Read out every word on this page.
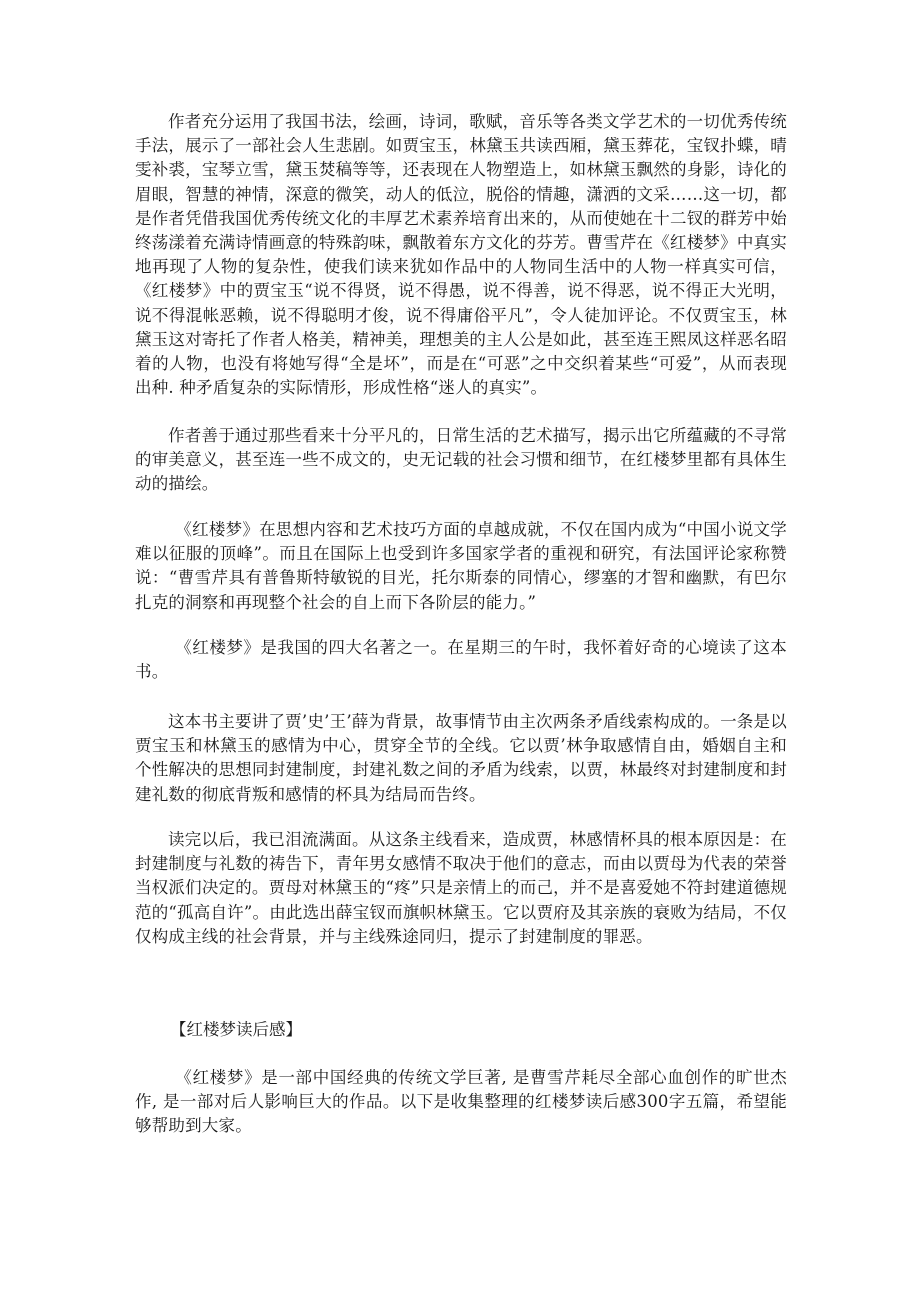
作者充分运用了我国书法，绘画，诗词，歌赋，音乐等各类文学艺术的一切优秀传统手法，展示了一部社会人生悲剧。如贾宝玉，林黛玉共读西厢，黛玉葬花，宝钗扑蝶，晴雯补裘，宝琴立雪，黛玉焚稿等等，还表现在人物塑造上，如林黛玉飘然的身影，诗化的眉眼，智慧的神情，深意的微笑，动人的低泣，脱俗的情趣，潇洒的文采……这一切，都是作者凭借我国优秀传统文化的丰厚艺术素养培育出来的，从而使她在十二钗的群芳中始终荡漾着充满诗情画意的特殊韵味，飘散着东方文化的芬芳。曹雪芹在《红楼梦》中真实地再现了人物的复杂性，使我们读来犹如作品中的人物同生活中的人物一样真实可信，《红楼梦》中的贾宝玉“说不得贤，说不得愚，说不得善，说不得恶，说不得正大光明，说不得混帐恶赖，说不得聪明才俊，说不得庸俗平凡”，令人徒加评论。不仅贾宝玉，林黛玉这对寄托了作者人格美，精神美，理想美的主人公是如此，甚至连王熙凤这样恶名昭着的人物，也没有将她写得“全是坏”，而是在“可恶”之中交织着某些“可爱”，从而表现出种. 种矛盾复杂的实际情形，形成性格“迷人的真实”。

作者善于通过那些看来十分平凡的，日常生活的艺术描写，揭示出它所蕴藏的不寻常的审美意义，甚至连一些不成文的，史无记载的社会习惯和细节，在红楼梦里都有具体生动的描绘。

《红楼梦》在思想内容和艺术技巧方面的卓越成就，不仅在国内成为“中国小说文学难以征服的顶峰”。而且在国际上也受到许多国家学者的重视和研究，有法国评论家称赞说：“曹雪芹具有普鲁斯特敏锐的目光，托尔斯泰的同情心，缪塞的才智和幽默，有巴尔扎克的洞察和再现整个社会的自上而下各阶层的能力。”

《红楼梦》是我国的四大名著之一。在星期三的午时，我怀着好奇的心境读了这本书。

这本书主要讲了贾’史’王’薛为背景，故事情节由主次两条矛盾线索构成的。一条是以贾宝玉和林黛玉的感情为中心，贯穿全节的全线。它以贾’林争取感情自由，婚姻自主和个性解决的思想同封建制度，封建礼数之间的矛盾为线索，以贾，林最终对封建制度和封建礼数的彻底背叛和感情的杯具为结局而告终。

读完以后，我已泪流满面。从这条主线看来，造成贾，林感情杯具的根本原因是：在封建制度与礼数的祷告下，青年男女感情不取决于他们的意志，而由以贾母为代表的荣誉当权派们决定的。贾母对林黛玉的“疼”只是亲情上的而己，并不是喜爱她不符封建道德规范的“孤高自许”。由此选出薛宝钗而旗帜林黛玉。它以贾府及其亲族的衰败为结局，不仅仅构成主线的社会背景，并与主线殊途同归，提示了封建制度的罪恶。

【红楼梦读后感】

《红楼梦》是一部中国经典的传统文学巨著, 是曹雪芹耗尽全部心血创作的旷世杰作, 是一部对后人影响巨大的作品。以下是收集整理的红楼梦读后感300字五篇，希望能够帮助到大家。
